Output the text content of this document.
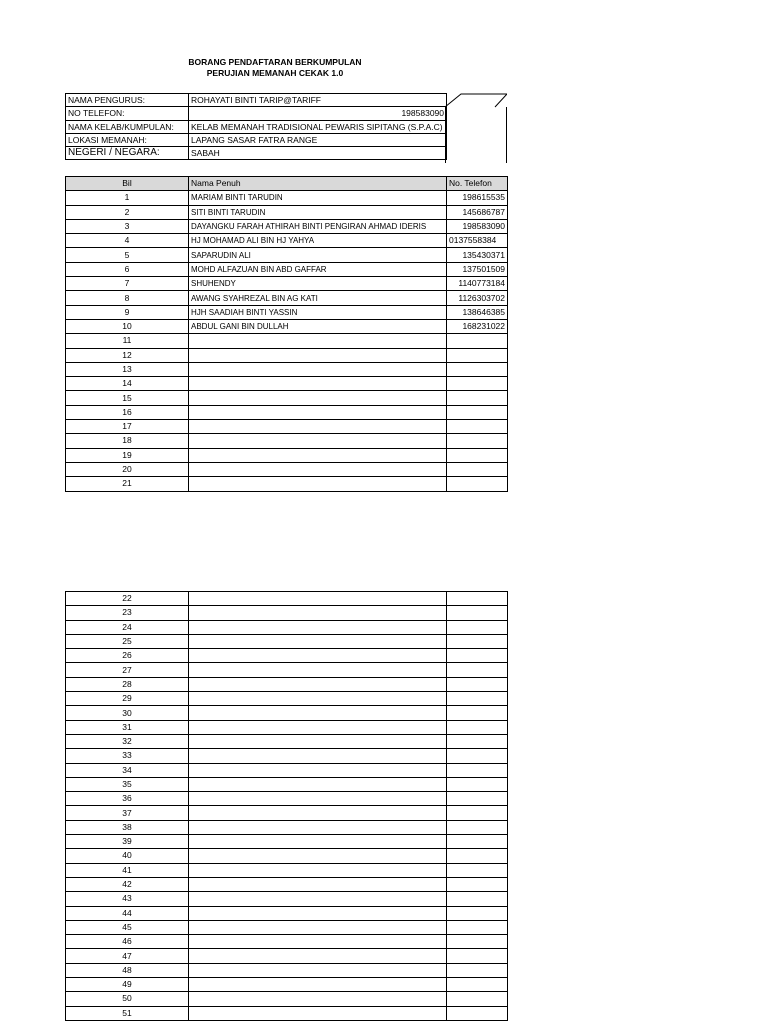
BORANG PENDAFTARAN BERKUMPULAN
PERUJIAN MEMANAH CEKAK 1.0
NAMA PENGURUS:	ROHAYATI BINTI TARIP@TARIFF
NO TELEFON:	198583090
NAMA KELAB/KUMPULAN:	KELAB MEMANAH TRADISIONAL PEWARIS SIPITANG (S.P.A.C)
LOKASI MEMANAH:	LAPANG SASAR FATRA RANGE
NEGERI / NEGARA:	SABAH
Bil	Nama Penuh	No. Telefon
1	MARIAM BINTI TARUDIN	198615535
2	SITI BINTI TARUDIN	145686787
3	DAYANGKU FARAH ATHIRAH BINTI PENGIRAN AHMAD IDERIS	198583090
4	HJ MOHAMAD ALI BIN HJ YAHYA	0137558384
5	SAPARUDIN ALI	135430371
6	MOHD ALFAZUAN BIN ABD GAFFAR	137501509
7	SHUHENDY	1140773184
8	AWANG SYAHREZAL BIN AG KATI	1126303702
9	HJH SAADIAH BINTI YASSIN	138646385
10	ABDUL GANI BIN DULLAH	168231022
11		
12		
13		
14		
15		
16		
17		
18		
19		
20		
21		
22		
23		
24		
25		
26		
27		
28		
29		
30		
31		
32		
33		
34		
35		
36		
37		
38		
39		
40		
41		
42		
43		
44		
45		
46		
47		
48		
49		
50		
51		
